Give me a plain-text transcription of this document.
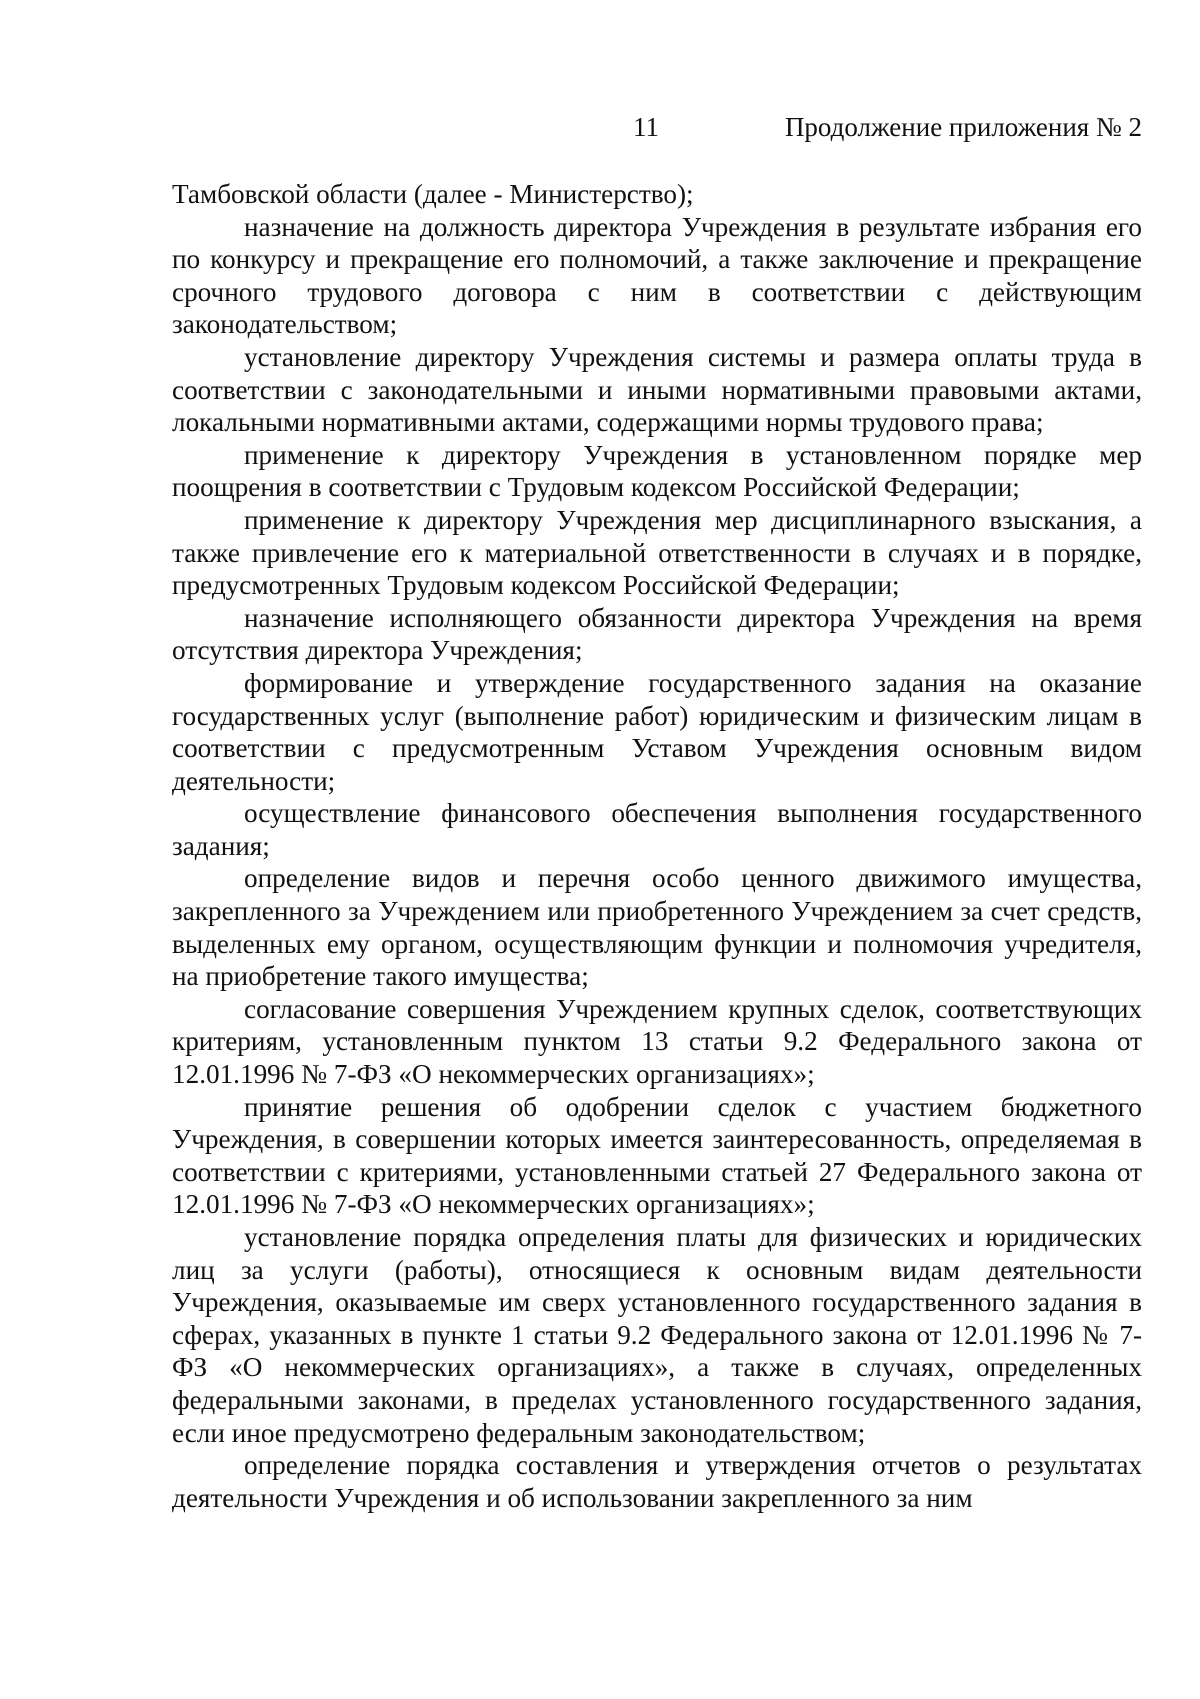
11	Продолжение приложения № 2

Тамбовской области (далее - Министерство);

назначение на должность директора Учреждения в результате избрания его по конкурсу и прекращение его полномочий, а также заключение и прекращение срочного трудового договора с ним в соответствии с действующим законодательством;

установление директору Учреждения системы и размера оплаты труда в соответствии с законодательными и иными нормативными правовыми актами, локальными нормативными актами, содержащими нормы трудового права;

применение к директору Учреждения в установленном порядке мер поощрения в соответствии с Трудовым кодексом Российской Федерации;

применение к директору Учреждения мер дисциплинарного взыскания, а также привлечение его к материальной ответственности в случаях и в порядке, предусмотренных Трудовым кодексом Российской Федерации;

назначение исполняющего обязанности директора Учреждения на время отсутствия директора Учреждения;

формирование и утверждение государственного задания на оказание государственных услуг (выполнение работ) юридическим и физическим лицам в соответствии с предусмотренным Уставом Учреждения основным видом деятельности;

осуществление финансового обеспечения выполнения государственного задания;

определение видов и перечня особо ценного движимого имущества, закрепленного за Учреждением или приобретенного Учреждением за счет средств, выделенных ему органом, осуществляющим функции и полномочия учредителя, на приобретение такого имущества;

согласование совершения Учреждением крупных сделок, соответствующих критериям, установленным пунктом 13 статьи 9.2 Федерального закона от 12.01.1996 № 7-ФЗ «О некоммерческих организациях»;

принятие решения об одобрении сделок с участием бюджетного Учреждения, в совершении которых имеется заинтересованность, определяемая в соответствии с критериями, установленными статьей 27 Федерального закона от 12.01.1996 № 7-ФЗ «О некоммерческих организациях»;

установление порядка определения платы для физических и юридических лиц за услуги (работы), относящиеся к основным видам деятельности Учреждения, оказываемые им сверх установленного государственного задания в сферах, указанных в пункте 1 статьи 9.2 Федерального закона от 12.01.1996 № 7-ФЗ «О некоммерческих организациях», а также в случаях, определенных федеральными законами, в пределах установленного государственного задания, если иное предусмотрено федеральным законодательством;

определение порядка составления и утверждения отчетов о результатах деятельности Учреждения и об использовании закрепленного за ним
